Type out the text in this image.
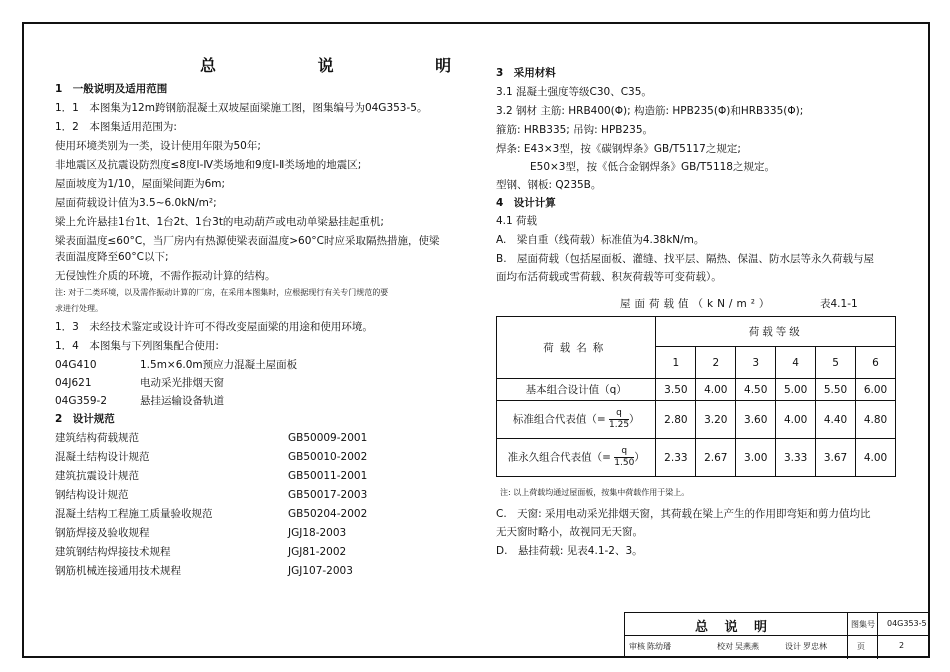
总 说 明
1　一般说明及适用范围
1．1　本图集为12m跨钢筋混凝土双坡屋面梁施工图，图集编号为04G353-5。
1．2　本图集适用范围为:
使用环境类别为一类，设计使用年限为50年;
非地震区及抗震设防烈度≤8度Ⅰ-Ⅳ类场地和9度Ⅰ-Ⅱ类场地的地震区;
屋面坡度为1/10，屋面梁间距为6m;
屋面荷载设计值为3.5~6.0kN/m²;
梁上允许悬挂1台1t、1台2t、1台3t的电动葫芦或电动单梁悬挂起重机;
梁表面温度≤60°C，当厂房内有热源使梁表面温度>60°C时应采取隔热措施，使梁
表面温度降至60°C以下;
无侵蚀性介质的环境，不需作振动计算的结构。
注: 对于二类环境，以及需作振动计算的厂房，在采用本图集时，应根据现行有关专门规范的要
求进行处理。
1．3　未经技术鉴定或设计许可不得改变屋面梁的用途和使用环境。
1．4　本图集与下列图集配合使用:
04G410	1.5m×6.0m预应力混凝土屋面板
04J621	电动采光排烟天窗
04G359-2	悬挂运输设备轨道
2　设计规范
建筑结构荷载规范	GB50009-2001
混凝土结构设计规范	GB50010-2002
建筑抗震设计规范	GB50011-2001
钢结构设计规范	GB50017-2003
混凝土结构工程施工质量验收规范	GB50204-2002
钢筋焊接及验收规程	JGJ18-2003
建筑钢结构焊接技术规程	JGJ81-2002
钢筋机械连接通用技术规程	JGJ107-2003
3　采用材料
3.1 混凝土强度等级C30、C35。
3.2 钢材 主筋: HRB400(Φ); 构造筋: HPB235(Φ)和HRB335(Φ);
箍筋: HRB335; 吊钩: HPB235。
焊条: E43×3型，按《碳钢焊条》GB/T5117之规定;
E50×3型，按《低合金钢焊条》GB/T5118之规定。
型钢、钢板: Q235B。
4　设计计算
4.1 荷载
A.　梁自重（线荷载）标准值为4.38kN/m。
B.　屋面荷载（包括屋面板、灌缝、找平层、隔热、保温、防水层等永久荷载与屋
面均布活荷载或雪荷载、积灰荷载等可变荷载）。
屋面荷载值（kN/m²）	表4.1-1
荷载名称	荷载等级					
	1	2	3	4	5	6
基本组合设计值（q）	3.50	4.00	4.50	5.00	5.50	6.00
标准组合代表值（= $\frac{q}{1.25}$ ）	2.80	3.20	3.60	4.00	4.40	4.80
准永久组合代表值（= $\frac{q}{1.50}$ ）	2.33	2.67	3.00	3.33	3.67	4.00
注: 以上荷载均通过屋面板，按集中荷载作用于梁上。
C.　天窗: 采用电动采光排烟天窗，其荷载在梁上产生的作用即弯矩和剪力值均比
无天窗时略小，故视同无天窗。
D.　悬挂荷载: 见表4.1-2、3。
总 说 明	图集号 04G353-5
审核 陈幼璠	校对 吴燕燕	设计 罗忠林	页	2
